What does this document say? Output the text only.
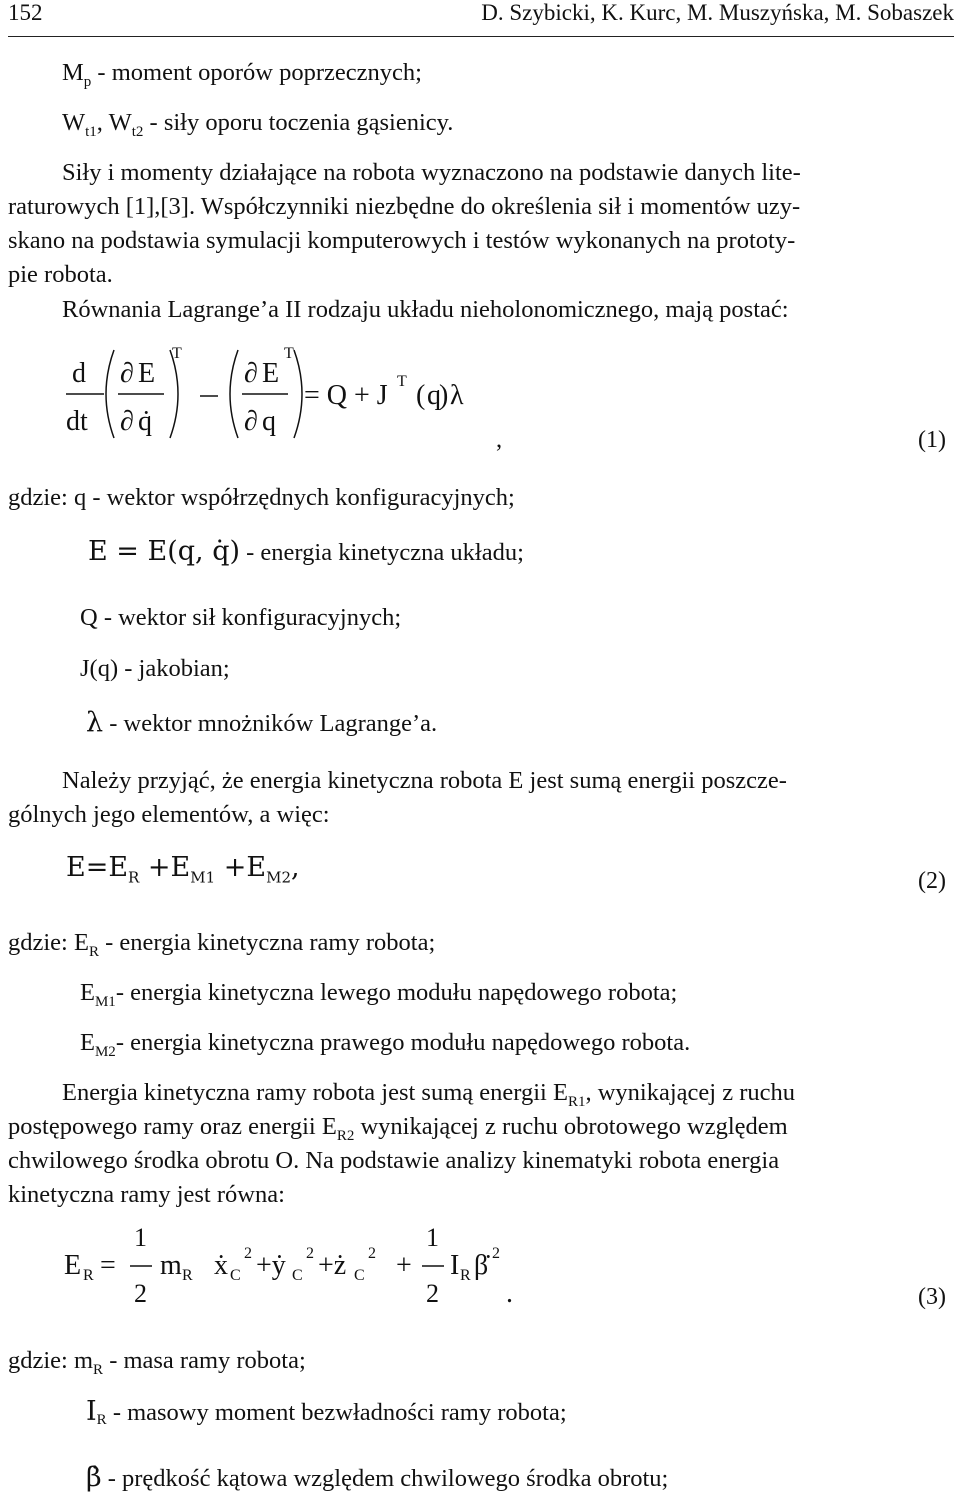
152	D. Szybicki, K. Kurc, M. Muszyńska, M. Sobaszek
$M_p$ - moment oporów poprzecznych;
$W_{t1}$, $W_{t2}$ - siły oporu toczenia gąsienicy.
Siły i momenty działające na robota wyznaczono na podstawie danych lite-
raturowych [1],[3]. Współczynniki niezbędne do określenia sił i momentów uzy-
skano na podstawia symulacji komputerowych i testów wykonanych na prototy-
pie robota.
Równania Lagrange’a II rodzaju układu nieholonomicznego, mają postać:
d
dt
∂ E
∂ q̇
T
∂ E
∂ q
T
= Q + J T ( q
) λ
,	(1)
gdzie: q - wektor współrzędnych konfiguracyjnych;
E = E(q, q̇) - energia kinetyczna układu;
Q - wektor sił konfiguracyjnych;
J(q) - jakobian;
λ - wektor mnożników Lagrange’a.
Należy przyjąć, że energia kinetyczna robota E jest sumą energii poszcze-
gólnych jego elementów, a więc:
$E=E_R +E_{M1} +E_{M2}$,	(2)
gdzie: $E_R$ - energia kinetyczna ramy robota;
$E_{M1}-$ energia kinetyczna lewego modułu napędowego robota;
$E_{M2}-$ energia kinetyczna prawego modułu napędowego robota.
Energia kinetyczna ramy robota jest sumą energii $E_{R1}$, wynikającej z ruchu
postępowego ramy oraz energii $E_{R2}$ wynikającej z ruchu obrotowego względem
chwilowego środka obrotu O. Na podstawie analizy kinematyki robota energia
kinetyczna ramy jest równa:
E R =
1
2
m R ẋ C
2 +ẏ C
2 +ż C
2 +
1
2
I R β̇ 2
.	(3)
gdzie: $m_R$ - masa ramy robota;
$I_R$ - masowy moment bezwładności ramy robota;
β̇ - prędkość kątowa względem chwilowego środka obrotu;
